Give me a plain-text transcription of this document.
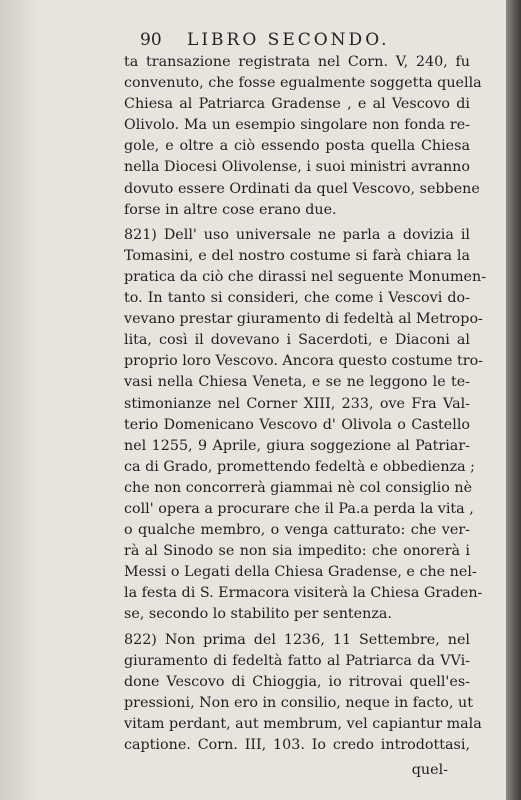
90 LIBRO SECONDO.
ta transazione registrata nel Corn. V, 240, fu
convenuto, che fosse egualmente soggetta quella
Chiesa al Patriarca Gradense , e al Vescovo di
Olivolo. Ma un esempio singolare non fonda re-
gole, e oltre a ciò essendo posta quella Chiesa
nella Diocesi Olivolense, i suoi ministri avranno
dovuto essere Ordinati da quel Vescovo, sebbene
forse in altre cose erano due.
821) Dell' uso universale ne parla a dovizia il
Tomasini, e del nostro costume si farà chiara la
pratica da ciò che dirassi nel seguente Monumen-
to. In tanto si consideri, che come i Vescovi do-
vevano prestar giuramento di fedeltà al Metropo-
lita, così il dovevano i Sacerdoti, e Diaconi al
proprio loro Vescovo. Ancora questo costume tro-
vasi nella Chiesa Veneta, e se ne leggono le te-
stimonianze nel Corner XIII, 233, ove Fra Val-
terio Domenicano Vescovo d' Olivola o Castello
nel 1255, 9 Aprile, giura soggezione al Patriar-
ca di Grado, promettendo fedeltà e obbedienza ;
che non concorrerà giammai nè col consiglio nè
coll' opera a procurare che il Pa.a perda la vita ,
o qualche membro, o venga catturato: che ver-
rà al Sinodo se non sia impedito: che onorerà i
Messi o Legati della Chiesa Gradense, e che nel-
la festa di S. Ermacora visiterà la Chiesa Graden-
se, secondo lo stabilito per sentenza.
822) Non prima del 1236, 11 Settembre, nel
giuramento di fedeltà fatto al Patriarca da VVi-
done Vescovo di Chioggia, io ritrovai quell'es-
pressioni, Non ero in consilio, neque in facto, ut
vitam perdant, aut membrum, vel capiantur mala
captione. Corn. III, 103. Io credo introdottasi,
quel-
